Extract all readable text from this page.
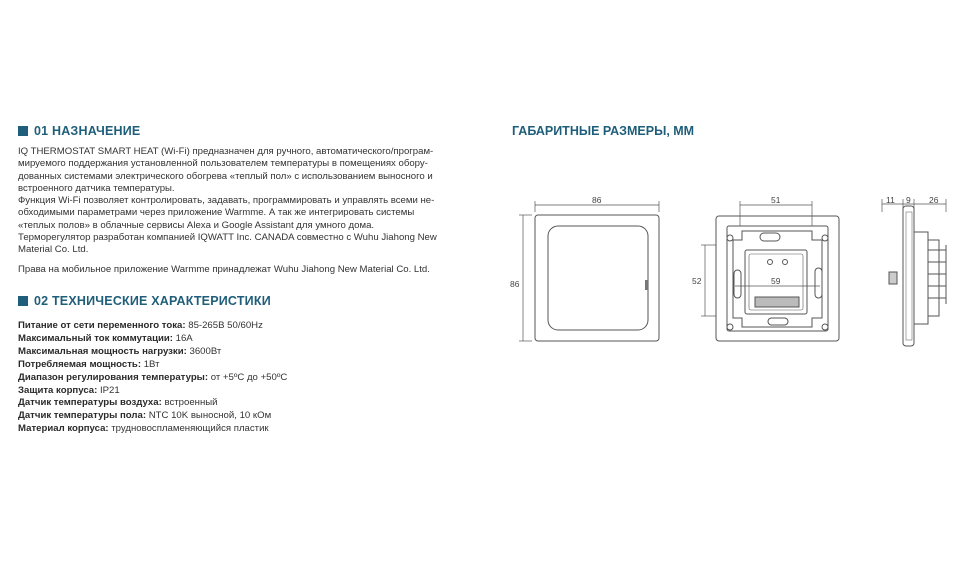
01 НАЗНАЧЕНИЕ

IQ THERMOSTAT SMART HEAT (Wi-Fi) предназначен для ручного, автоматического/програм-

мируемого поддержания установленной пользователем температуры в помещениях обору-

дованных системами электрического обогрева «теплый пол» с использованием выносного и

встроенного датчика температуры.

Функция Wi-Fi позволяет контролировать, задавать, программировать и управлять всеми не-

обходимыми параметрами через приложение Warmme. А так же интегрировать системы

«теплых полов» в облачные сервисы Alexa и Google Assistant для умного дома.

Терморегулятор разработан компанией IQWATT Inc. CANADA совместно с Wuhu Jiahong New

Material Co. Ltd.

Права на мобильное приложение Warmme принадлежат Wuhu Jiahong New Material Co. Ltd.

02 ТЕХНИЧЕСКИЕ ХАРАКТЕРИСТИКИ
Питание от сети переменного тока: 85-265В 50/60Hz
Максимальный ток коммутации: 16А
Максимальная мощность нагрузки: 3600Вт
Потребляемая мощность: 1Вт
Диапазон регулирования температуры: от +5ºС до +50ºС
Защита корпуса: IP21
Датчик температуры воздуха: встроенный
Датчик температуры пола: NTC 10K выносной, 10 кОм
Материал корпуса: трудновоспламеняющийся пластик
ГАБАРИТНЫЕ РАЗМЕРЫ, ММ
86
86
51
52	59
11 9 26
